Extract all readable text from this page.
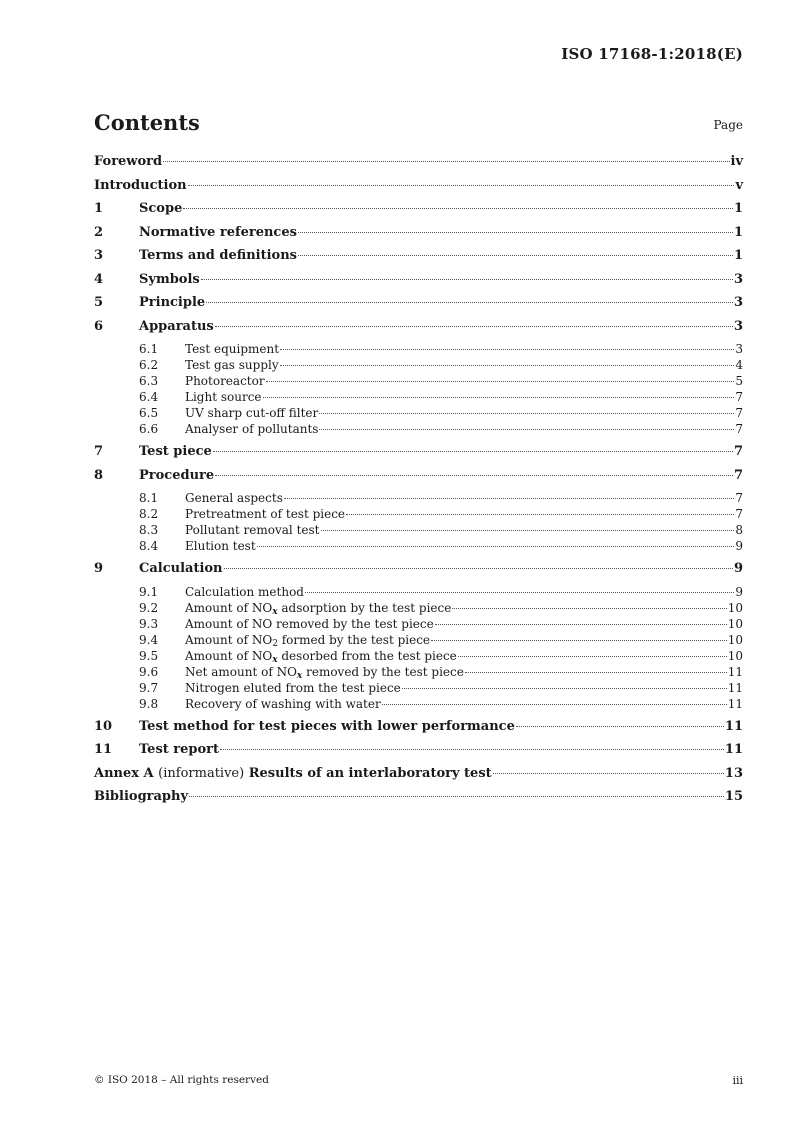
ISO 17168-1:2018(E)
Contents	Page
Foreword	iv
Introduction	v
1	Scope	1
2	Normative references	1
3	Terms and definitions	1
4	Symbols	3
5	Principle	3
6	Apparatus	3
6.1	Test equipment	3
6.2	Test gas supply	4
6.3	Photoreactor	5
6.4	Light source	7
6.5	UV sharp cut-off filter	7
6.6	Analyser of pollutants	7
7	Test piece	7
8	Procedure	7
8.1	General aspects	7
8.2	Pretreatment of test piece	7
8.3	Pollutant removal test	8
8.4	Elution test	9
9	Calculation	9
9.1	Calculation method	9
9.2	Amount of $NO_x$ adsorption by the test piece	10
9.3	Amount of NO removed by the test piece	10
9.4	Amount of $NO_2$ formed by the test piece	10
9.5	Amount of $NO_x$ desorbed from the test piece	10
9.6	Net amount of $NO_x$ removed by the test piece	11
9.7	Nitrogen eluted from the test piece	11
9.8	Recovery of washing with water	11
10	Test method for test pieces with lower performance	11
11	Test report	11
Annex A (informative) Results of an interlaboratory test	13
Bibliography	15
© ISO 2018 – All rights reserved	iii
